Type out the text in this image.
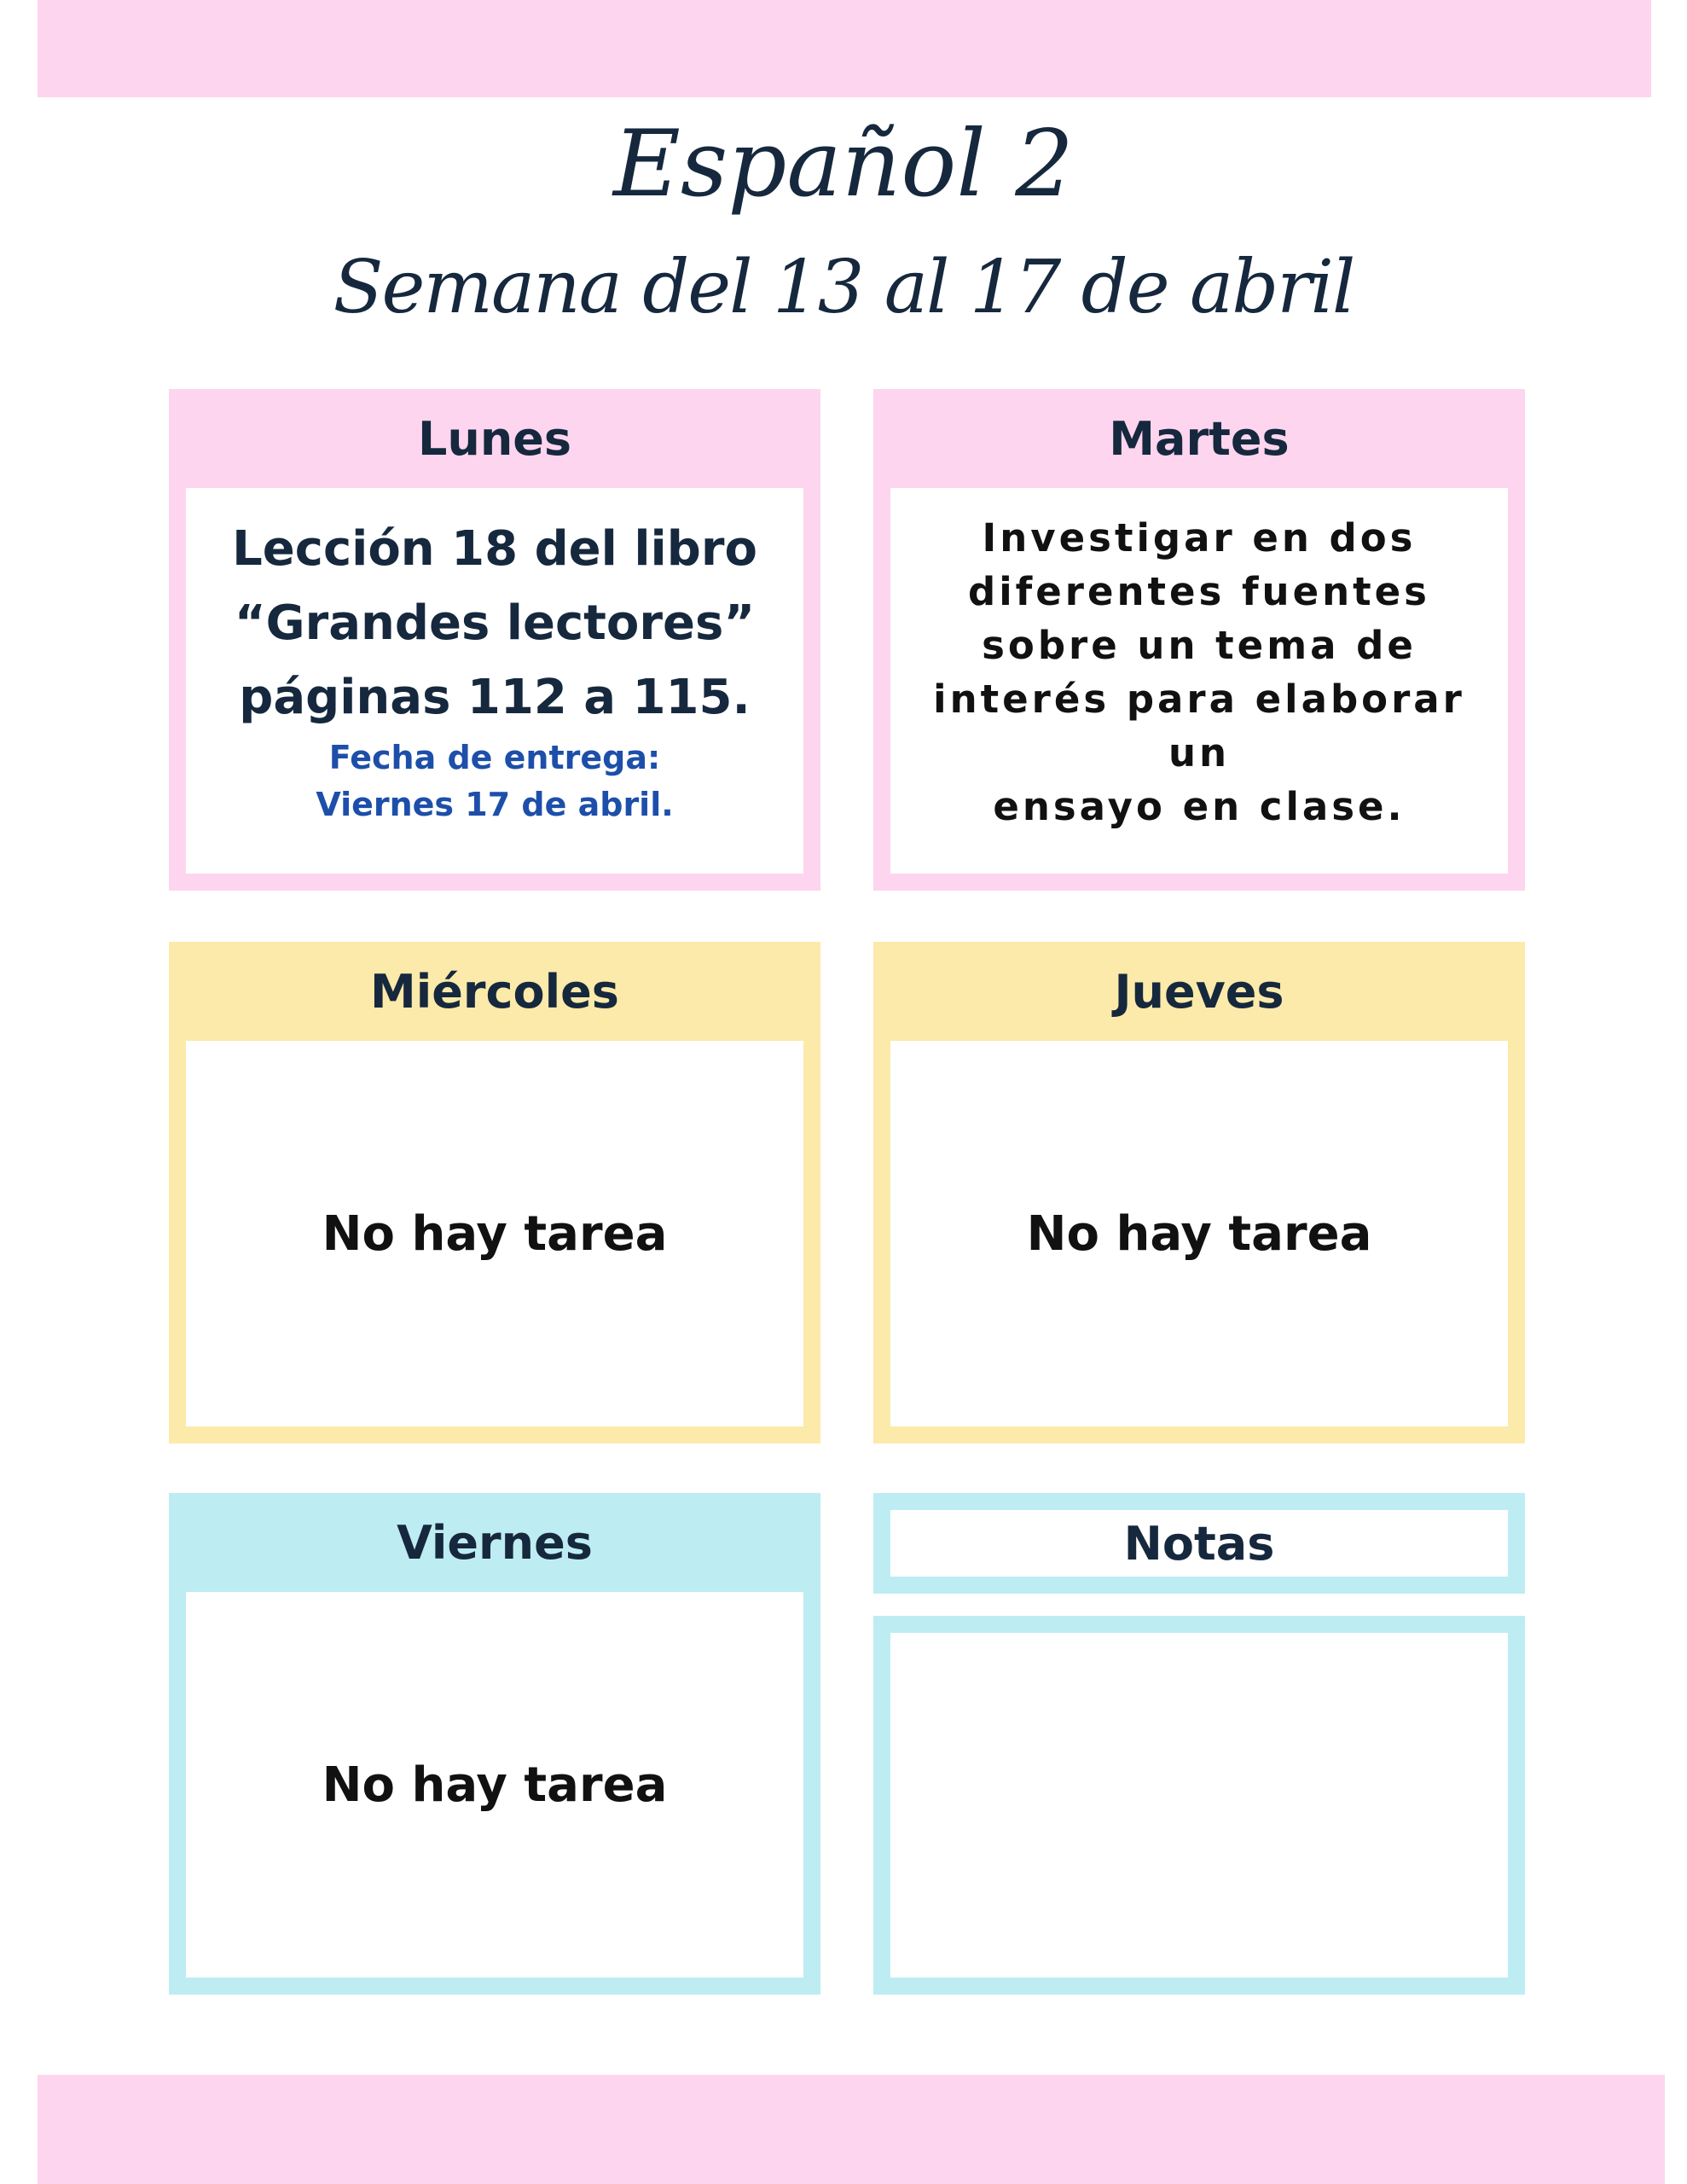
Español 2
Semana del 13 al 17 de abril
Lunes
Lección 18 del libro
“Grandes lectores”
páginas 112 a 115.
Fecha de entrega:
Viernes 17 de abril.
Martes
Investigar en dos
diferentes fuentes
sobre un tema de
interés para elaborar un
ensayo en clase.
Miércoles
No hay tarea
Jueves
No hay tarea
Viernes
No hay tarea
Notas
